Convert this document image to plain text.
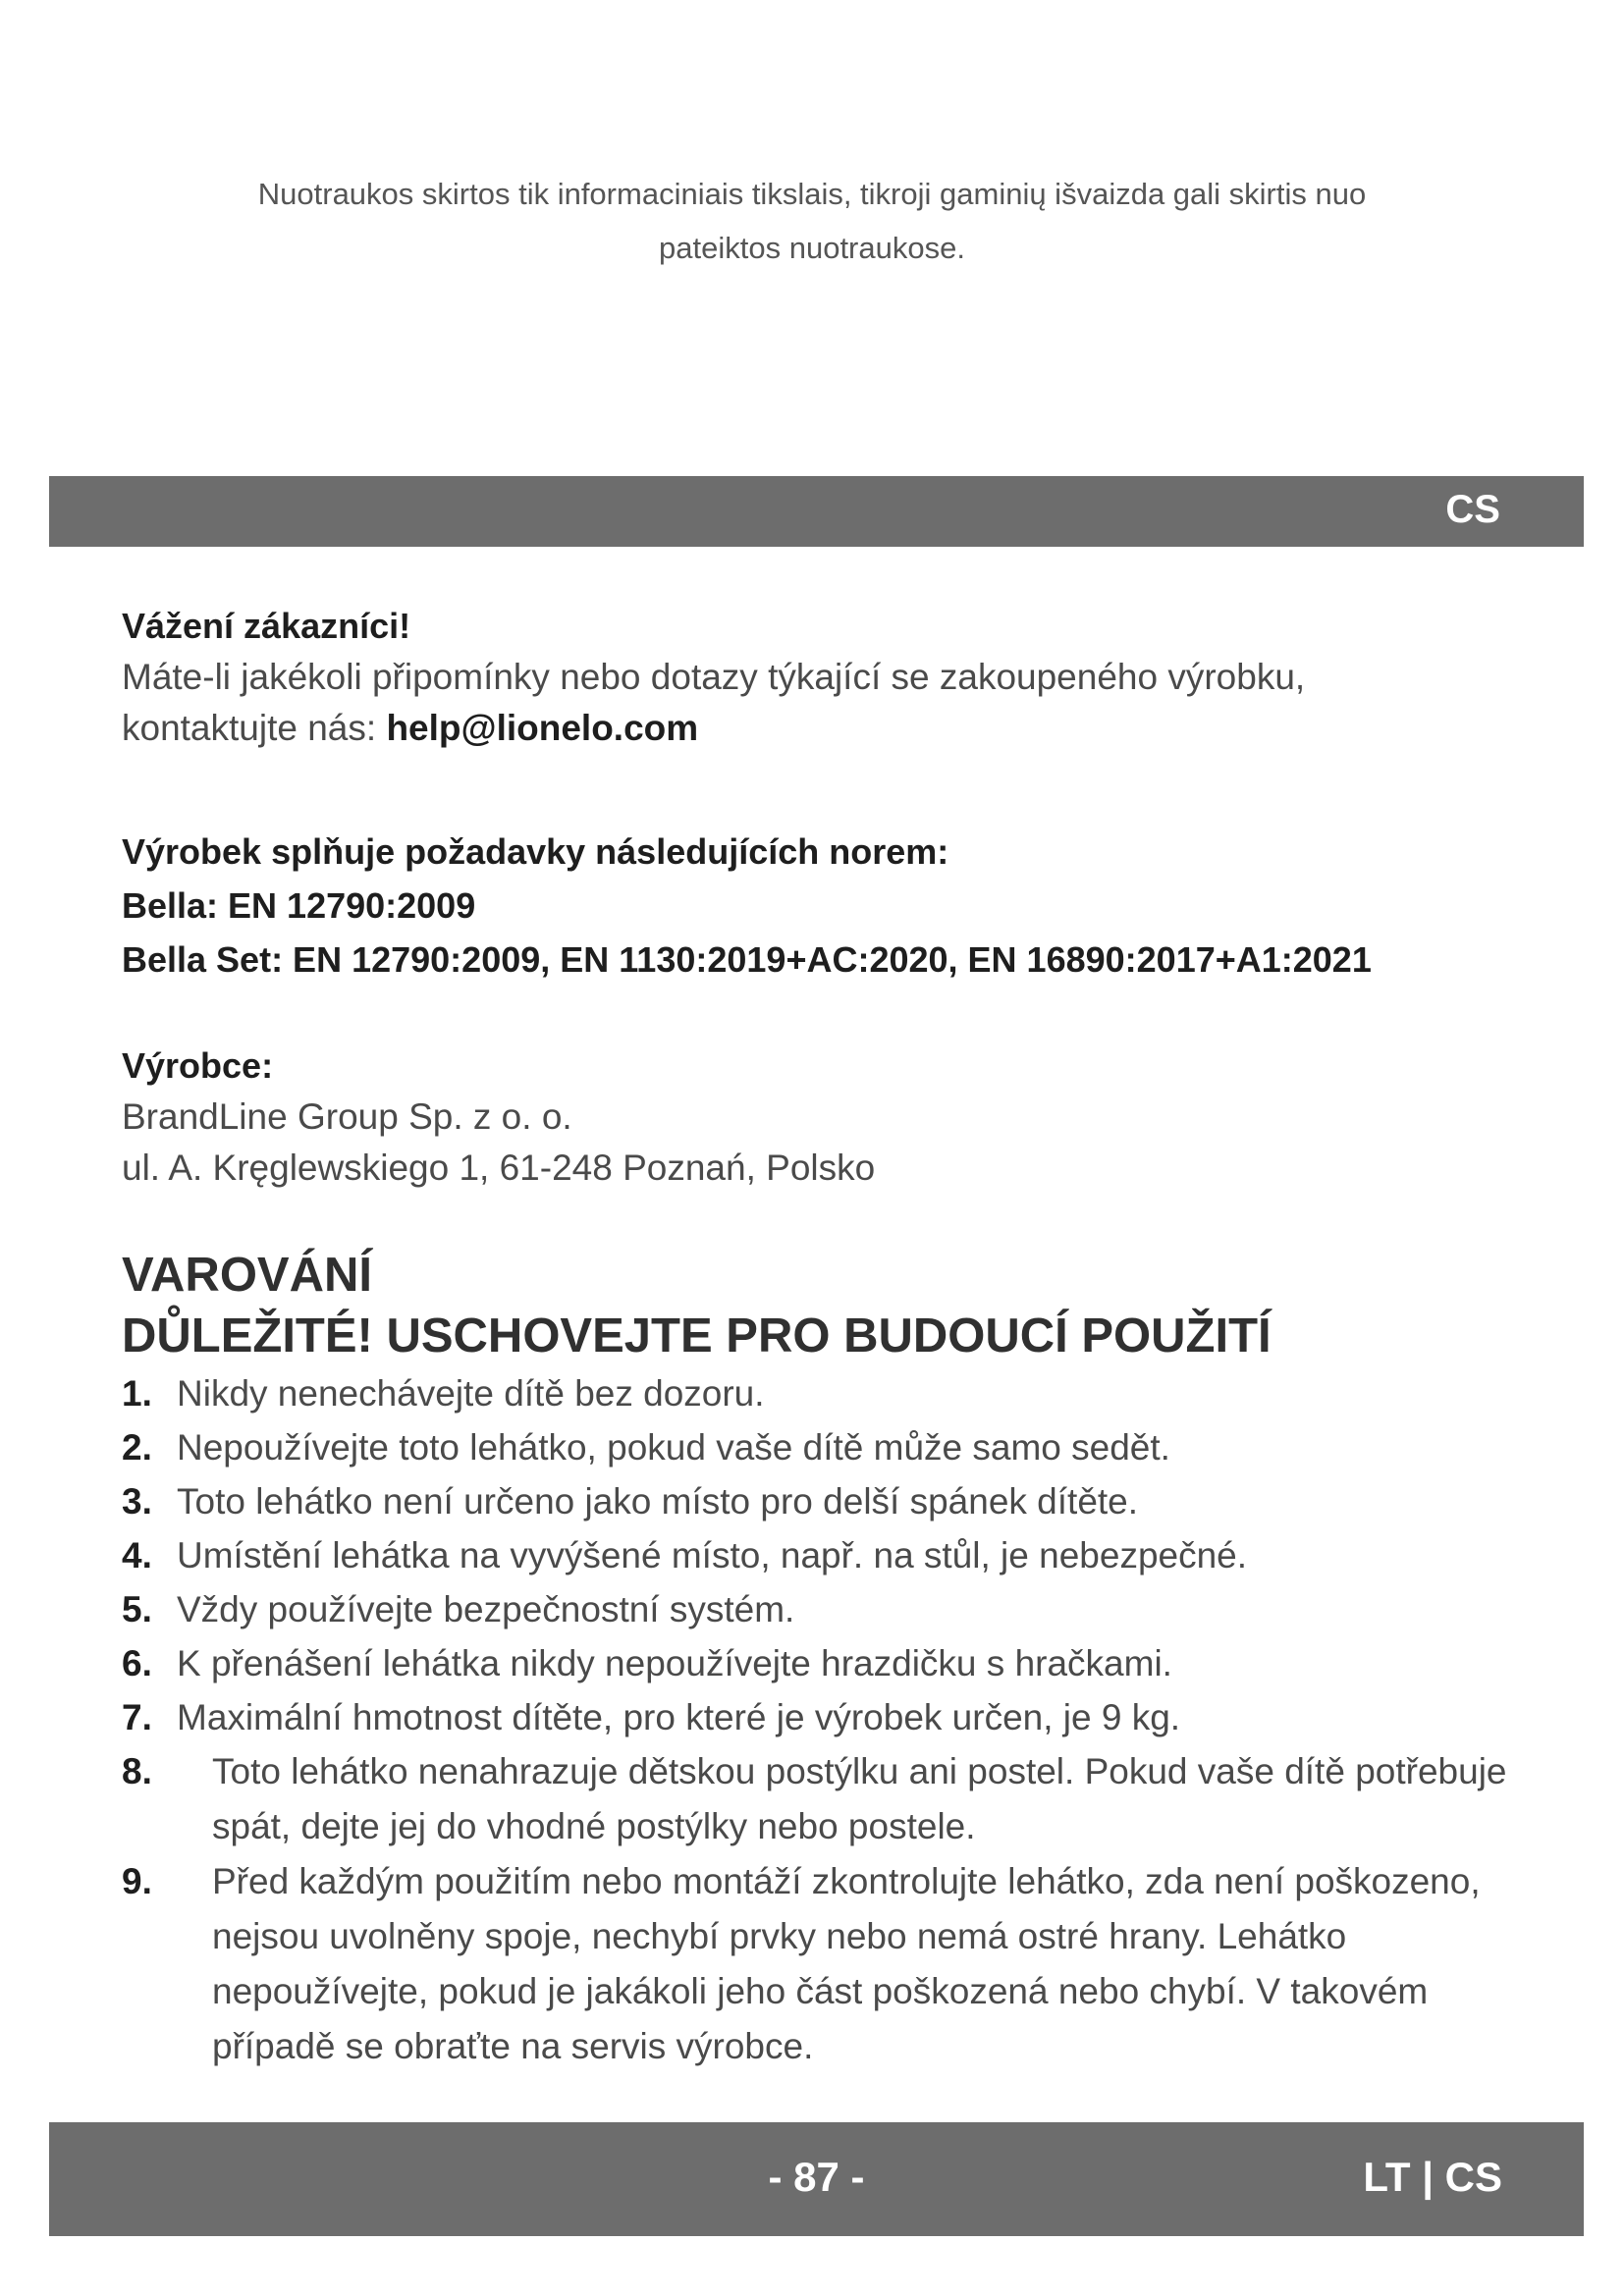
Nuotraukos skirtos tik informaciniais tikslais, tikroji gaminių išvaizda gali skirtis nuo
pateiktos nuotraukose.
CS

Vážení zákazníci!

Máte-li jakékoli připomínky nebo dotazy týkající se zakoupeného výrobku,

kontaktujte nás: help@lionelo.com

Výrobek splňuje požadavky následujících norem:

Bella: EN 12790:2009

Bella Set: EN 12790:2009, EN 1130:2019+AC:2020, EN 16890:2017+A1:2021

Výrobce:

BrandLine Group Sp. z o. o.

ul. A. Kręglewskiego 1, 61-248 Poznań, Polsko

VAROVÁNÍ
DŮLEŽITÉ! USCHOVEJTE PRO BUDOUCÍ POUŽITÍ
1. Nikdy nenechávejte dítě bez dozoru.
2. Nepoužívejte toto lehátko, pokud vaše dítě může samo sedět.
3. Toto lehátko není určeno jako místo pro delší spánek dítěte.
4. Umístění lehátka na vyvýšené místo, např. na stůl, je nebezpečné.
5. Vždy používejte bezpečnostní systém.
6. K přenášení lehátka nikdy nepoužívejte hrazdičku s hračkami.
7. Maximální hmotnost dítěte, pro které je výrobek určen, je 9 kg.
8. Toto lehátko nenahrazuje dětskou postýlku ani postel. Pokud vaše dítě potřebuje spát, dejte jej do vhodné postýlky nebo postele.
9. Před každým použitím nebo montáží zkontrolujte lehátko, zda není poškozeno, nejsou uvolněny spoje, nechybí prvky nebo nemá ostré hrany. Lehátko nepoužívejte, pokud je jakákoli jeho část poškozená nebo chybí. V takovém případě se obraťte na servis výrobce.
- 87 -	LT | CS
